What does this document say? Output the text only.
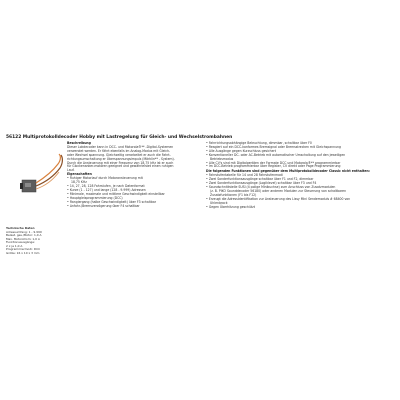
56122 Multiprotokolldecoder Hobby mit Lastregelung für Gleich- und Wechselstrombahnen
Technische Daten
Adressumfang: 1 - 9.999
Belast. ges./Motor: 1,0 A
Max. Motorstrom: 1,0 A
Funktionsausgänge:
2 x je 1,0 A
Programmiermodi: DCC
Größe: 16 x 10 x 3 mm
Beschreibung
Dieser Lokdecoder kann in DCC- und Motorola®** -Digital-Systemen
verwendet werden. Er fährt ebenfalls im Analog-Modus mit Gleich-
oder Wechsel spannung. Gleichzeitig verarbeitet er auch die Fahrt-
richtungsumschaltung er Überspannungsimpuls (Märklin** - System).
Durch die Ansteuerung mit einer Frequenz von 18,75 kHz ist er auch
für Glockenanker-motoren geeignet und gewährleistet einen ruhigen
Lauf.
Eigenschaften
• Ruhiger Motorlauf durch Motoransteuerung mit
18,75 KHz
• 14, 27, 28, 128 Fahrstufen, je nach Datenformat
• Kurze (1 - 127) und lange (128 - 9.999) Adressen
• Minimale, maximale und mittlere Geschwindigkeit einstellbar
• Hauptgleisprogrammierung (DCC)
• Rangiergang (halbe Geschwindigkeit) über F3 schaltbar
• Anfahr-/Bremsverzögerung über F4 schaltbar
• Fahrrichtungsabhängige Beleuchtung, dimmbar, schaltbar über F0
• Reagiert auf ein DCC-konformes Bremsignal oder Bremsstrecken mit Gleichspannung
• Alle Ausgänge gegen Kurzschluss gesichert
• Konventioneller DC- oder AC-Betrieb mit automatischer Umschaltung auf den jeweiligen
Betriebsmodus
• Alle CV's sind mit Digitalgeräten der Formate DCC und Motorola®** programmierbar
• Im DCC-Betrieb programmierbar über Register, CV direkt oder Page Programmierung
Die folgenden Funktionen sind gegenüber dem Multiprotokolldecoder Classic nicht enthalten:
• Fahrstufentabelle für 14 und 28 Fahrstufenmodi
• Zwei Sonderfunktionsausgänge schaltbar über F1 und F2, dimmbar
• Zwei Sonderfunktionsausgänge (Logiklevel) schaltbar über F3 und F4
• Soundschnittstelle SUSI (4 polige Minibuchse) zum Anschluss von Zusatzmodulen
(z. B. PIKO Sounddecoder 56180) oder anderen Modulen zur Steuerung von schaltbaren
Zusatzfunktionen (F1 bis F12)
• Erzeugt die Adressidentifikation zur Ansteuerung des Lissy Mini Sendemoduls # 68400 von
Uhlenbrock
• Gegen Überhitzung geschützt
